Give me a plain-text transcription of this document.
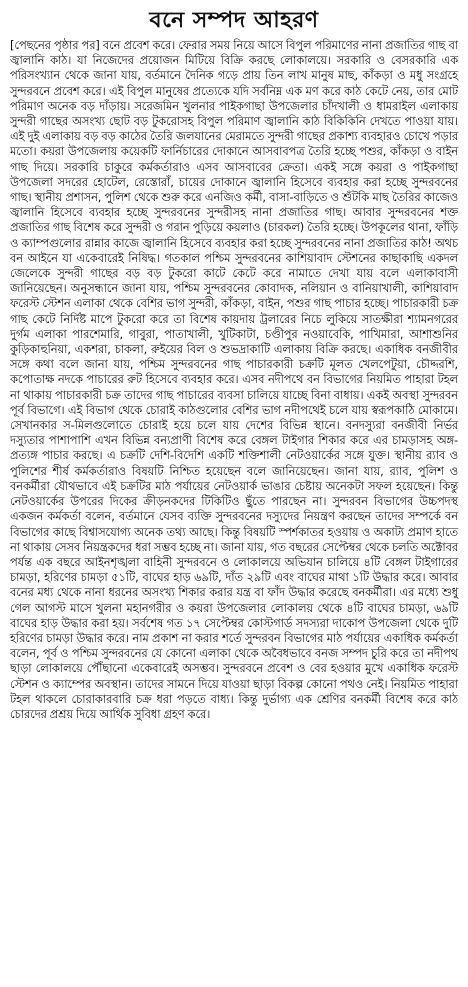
বনে সম্পদ আহরণ

[পেছনের পৃষ্ঠার পর] বনে প্রবেশ করে। ফেরার সময় নিয়ে আসে বিপুল পরিমাণের নানা প্রজাতির গাছ বা জ্বালানি কাঠ। যা নিজেদের প্রয়োজন মিটিয়ে বিক্রি করছে লোকালয়ে। সরকারি ও বেসরকারি এক পরিসংখ্যান থেকে জানা যায়, বর্তমানে দৈনিক গড়ে প্রায় তিন লাখ মানুষ মাছ, কাঁকড়া ও মধু সংগ্রহে সুন্দরবনে প্রবেশ করে। এই বিপুল মানুষের প্রত্যেকে যদি সর্বনিম্ন এক মণ করে কাঠ কেটে নেয়, তার মোট পরিমাণ অনেক বড় দাঁড়ায়। সরেজমিন খুলনার পাইকগাছা উপজেলার চাঁদখালী ও ধামরাইল এলাকায় সুন্দরী গাছের অসংখ্য ছোট বড় টুকরোসহ বিপুল পরিমাণ জ্বালানি কাঠ বিকিকিনি দেখতে পাওয়া যায়। এই দুই এলাকায় বড় বড় কাঠের তৈরি জলযানের মেরামতে সুন্দরী গাছের প্রকাশ্য ব্যবহারও চোখে পড়ার মতো। কয়রা উপজেলায় কয়েকটি ফার্নিচারের দোকানে আসবাবপত্র তৈরি হচ্ছে পশুর, কাঁকড়া ও বাইন গাছ দিয়ে। সরকারি চাকুরে কর্মকর্তারাও এসব আসবাবের ক্রেতা। একই সঙ্গে কয়রা ও পাইকগাছা উপজেলা সদরের হোটেল, রেস্তোরাঁ, চায়ের দোকানে জ্বালানি হিসেবে ব্যবহার করা হচ্ছে সুন্দরবনের গাছ। স্থানীয় প্রশাসন, পুলিশ থেকে শুরু করে এনজিও কর্মী, বাসা-বাড়িতে ও শুঁটকি মাছ তৈরির কাজেও জ্বালানি হিসেবে ব্যবহার হচ্ছে সুন্দরবনের সুন্দরীসহ নানা প্রজাতির গাছ। আবার সুন্দরবনের শক্ত প্রজাতির গাছ বিশেষ করে সুন্দরী ও গরান পুড়িয়ে কয়লাও (চারকল) তৈরি হচ্ছে। উপকূলের থানা, ফাঁড়ি ও ক্যাম্পগুলোর রান্নার কাজে জ্বালানি হিসেবে ব্যবহার করা হচ্ছে সুন্দরবনের নানা প্রজাতির কাঠ! অথচ বন আইনে যা একেবারেই নিষিদ্ধ। গতকাল পশ্চিম সুন্দরবনের কাশিয়াবাদ স্টেশনের কাছাকাছি একদল জেলেকে সুন্দরী গাছের বড় বড় টুকরো কাটে কেটে করে নামাতে দেখা যায় বলে এলাকাবাসী জানিয়েছেন। অনুসন্ধানে জানা যায়, পশ্চিম সুন্দরবনের কোবাদক, নলিয়ান ও বানিয়াখালী, কাশিয়াবাদ ফরেস্ট স্টেশন এলাকা থেকে বেশির ভাগ সুন্দরী, কাঁকড়া, বাইন, পশুর গাছ পাচার হচ্ছে। পাচারকারী চক্র গাছ কেটে নির্দিষ্ট মাপে টুকরো করে তা বিশেষ কায়দায় ট্রলারের নিচে লুকিয়ে সাতক্ষীরা শ্যামনগরের দুর্গম এলাকা পারশেমারি, গাবুরা, পাতাখালী, খুটিকাটা, চণ্ডীপুর নওয়াবেকি, পাখিমারা, আশাশুনির কুড়িকাহুনিয়া, একশরা, চাকলা, রুইয়ের বিল ও শুভদ্রাকাটি এলাকায় বিক্রি করছে। একাধিক বনজীবীর সঙ্গে কথা বলে জানা যায়, পশ্চিম সুন্দরবনের গাছ পাচারকারী চক্রটি মূলত খেলপেটুয়া, চৌদ্দরশি, কপোতাক্ষ নদকে পাচারের রুট হিসেবে ব্যবহার করে। এসব নদীপথে বন বিভাগের নিয়মিত পাহারা টহল না থাকায় পাচারকারী চক্র তাদের গাছ পাচারের ব্যবসা চালিয়ে যাচ্ছে বিনা বাধায়। একই অবস্থা সুন্দরবন পূর্ব বিভাগে। এই বিভাগ থেকে চোরাই কাঠগুলোর বেশির ভাগ নদীপথেই চলে যায় স্বরূপকাঠি মোকামে। সেখানকার স-মিলগুলোতে চোরাই হয়ে চলে যায় দেশের বিভিন্ন স্থানে। বনদস্যুরা বনজীবী নির্ভর দস্যুতার পাশাপাশি এখন বিভিন্ন বন্যপ্রাণী বিশেষ করে বেঙ্গল টাইগার শিকার করে এর চামড়াসহ অঙ্গ-প্রত্যঙ্গ পাচার করছে। এ চক্রটি দেশি-বিদেশি একটি শক্তিশালী নেটওয়ার্কের সঙ্গে যুক্ত। স্থানীয় র‌্যাব ও পুলিশের শীর্ষ কর্মকর্তারাও বিষয়টি নিশ্চিত হয়েছেন বলে জানিয়েছেন। জানা যায়, র‌্যাব, পুলিশ ও বনকর্মীরা যৌথভাবে এই চক্রটির মাঠ পর্যায়ের নেটওয়ার্ক ভাঙার চেষ্টায় অনেকটা সফল হয়েছেন। কিন্তু নেটওয়ার্কের উপরের দিকের ক্রীড়নকদের টিকিটিও ছুঁতে পারছেন না। সুন্দরবন বিভাগের উচ্চপদস্থ একজন কর্মকর্তা বলেন, বর্তমানে যেসব ব্যক্তি সুন্দরবনের দস্যুদের নিয়ন্ত্রণ করছেন তাদের সম্পর্কে বন বিভাগের কাছে বিশ্বাসযোগ্য অনেক তথ্য আছে। কিন্তু বিষয়টি স্পর্শকাতর হওয়ায় ও অকাট্য প্রমাণ হাতে না থাকায় সেসব নিয়ন্ত্রকদের ধরা সম্ভব হচ্ছে না। জানা যায়, গত বছরের সেপ্টেম্বর থেকে চলতি অক্টোবর পর্যন্ত এক বছরে আইনশৃঙ্খলা বাহিনী সুন্দরবনে ও লোকালয়ে অভিযান চালিয়ে ৪টি বেঙ্গল টাইগারের চামড়া, হরিণের চামড়া ৫১টি, বাঘের হাড় ৬৯টি, দাঁত ২৯টি এবং বাঘের মাথা ১টি উদ্ধার করে। আবার বনের মধ্য থেকে নানা ধরনের অসংখ্য শিকার করার যন্ত্র বা ফাঁদ উদ্ধার করেছে বনকর্মীরা। এর মধ্যে শুধু গেল আগস্ট মাসে খুলনা মহানগরীর ও কয়রা উপজেলার লোকালয় থেকে ৪টি বাঘের চামড়া, ৬৯টি বাঘের হাড় উদ্ধার করা হয়। সর্বশেষ গত ১৭ সেপ্টেম্বর কোস্টগার্ড সদস্যরা দাকোপ উপজেলা থেকে দুটি হরিণের চামড়া উদ্ধার করে। নাম প্রকাশ না করার শর্তে সুন্দরবন বিভাগের মাঠ পর্যায়ের একাধিক কর্মকর্তা বলেন, পূর্ব ও পশ্চিম সুন্দরবনের যে কোনো এলাকা থেকে অবৈধভাবে বনজ সম্পদ চুরি করে তা নদীপথ ছাড়া লোকালয়ে পৌঁছানো একেবারেই অসম্ভব। সুন্দরবনে প্রবেশ ও বের হওয়ার মুখে একাধিক ফরেস্ট স্টেশন ও ক্যাম্পের অবস্থান। তাদের সামনে দিয়ে যাওয়া ছাড়া বিকল্প কোনো পথও নেই। নিয়মিত পাহারা টহল থাকলে চোরাকারবারি চক্র ধরা পড়তে বাধ্য। কিন্তু দুর্ভাগ্য এক শ্রেণির বনকর্মী বিশেষ করে কাঠ চোরদের প্রশ্রয় দিয়ে আর্থিক সুবিধা গ্রহণ করে।
